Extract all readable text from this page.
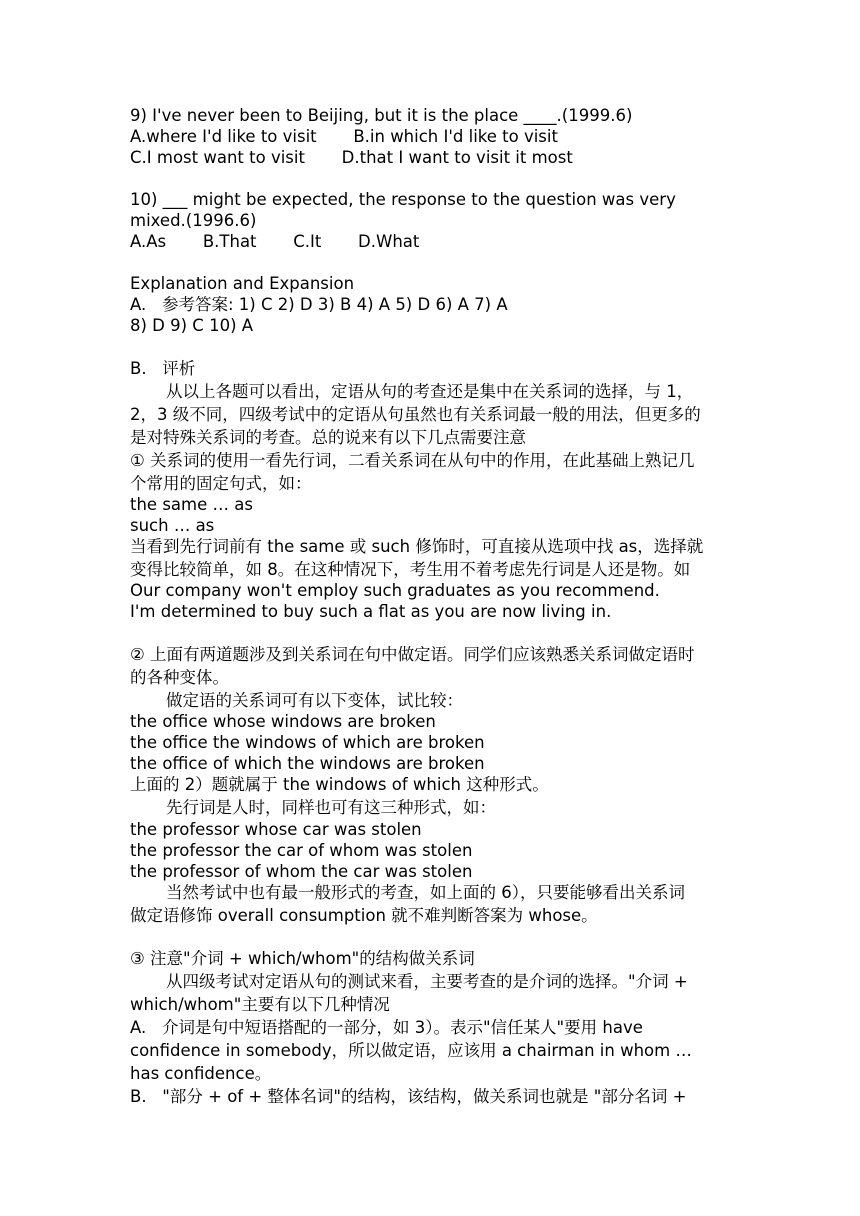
9) I've never been to Beijing, but it is the place ____.(1999.6)
A.where I'd like to visit       B.in which I'd like to visit
C.I most want to visit       D.that I want to visit it most
10) ___ might be expected, the response to the question was very
mixed.(1996.6)
A.As       B.That       C.It       D.What
Explanation and Expansion
A.   参考答案: 1) C 2) D 3) B 4) A 5) D 6) A 7) A
8) D 9) C 10) A
B.   评析
从以上各题可以看出，定语从句的考查还是集中在关系词的选择，与 1，
2，3 级不同，四级考试中的定语从句虽然也有关系词最一般的用法，但更多的
是对特殊关系词的考查。总的说来有以下几点需要注意
① 关系词的使用一看先行词，二看关系词在从句中的作用，在此基础上熟记几
个常用的固定句式，如：
the same … as
such … as
当看到先行词前有 the same 或 such 修饰时，可直接从选项中找 as，选择就
变得比较简单，如 8。在这种情况下，考生用不着考虑先行词是人还是物。如
Our company won't employ such graduates as you recommend.
I'm determined to buy such a flat as you are now living in.
② 上面有两道题涉及到关系词在句中做定语。同学们应该熟悉关系词做定语时
的各种变体。
做定语的关系词可有以下变体，试比较：
the office whose windows are broken
the office the windows of which are broken
the office of which the windows are broken
上面的 2）题就属于 the windows of which 这种形式。
先行词是人时，同样也可有这三种形式，如：
the professor whose car was stolen
the professor the car of whom was stolen
the professor of whom the car was stolen
当然考试中也有最一般形式的考查，如上面的 6），只要能够看出关系词
做定语修饰 overall consumption 就不难判断答案为 whose。
③ 注意"介词 + which/whom"的结构做关系词
从四级考试对定语从句的测试来看，主要考查的是介词的选择。"介词 +
which/whom"主要有以下几种情况
A.   介词是句中短语搭配的一部分，如 3）。表示"信任某人"要用 have
confidence in somebody，所以做定语，应该用 a chairman in whom …
has confidence。
B.   "部分 + of + 整体名词"的结构，该结构，做关系词也就是 "部分名词 +
